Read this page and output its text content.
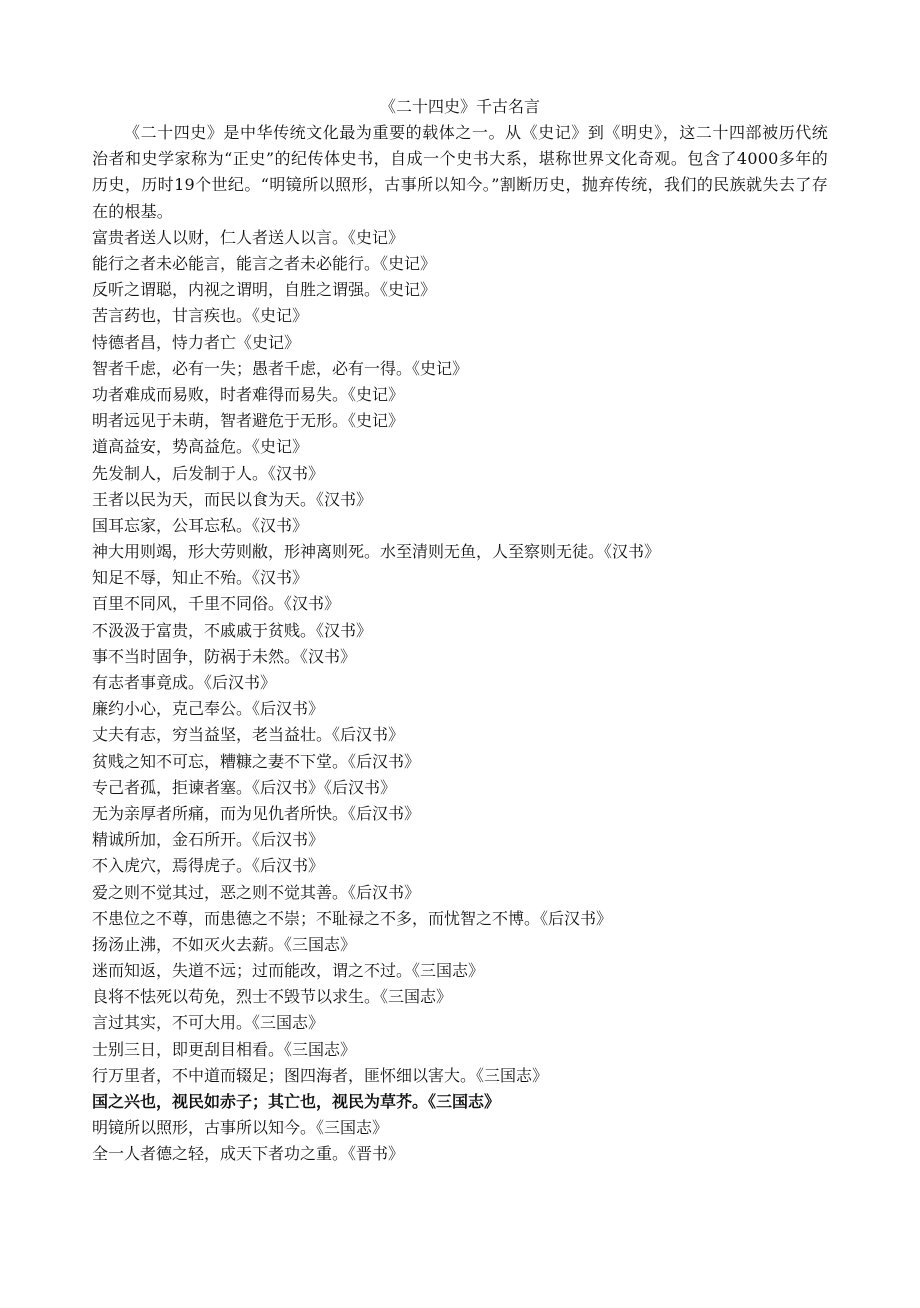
《二十四史》千古名言

《二十四史》是中华传统文化最为重要的载体之一。从《史记》到《明史》，这二十四部被历代统治者和史学家称为“正史”的纪传体史书，自成一个史书大系，堪称世界文化奇观。包含了4000多年的历史，历时19个世纪。“明镜所以照形，古事所以知今。”割断历史，抛弃传统，我们的民族就失去了存在的根基。

富贵者送人以财，仁人者送人以言。《史记》
能行之者未必能言，能言之者未必能行。《史记》
反听之谓聪，内视之谓明，自胜之谓强。《史记》
苦言药也，甘言疾也。《史记》
恃德者昌，恃力者亡《史记》
智者千虑，必有一失；愚者千虑，必有一得。《史记》
功者难成而易败，时者难得而易失。《史记》
明者远见于未萌，智者避危于无形。《史记》
道高益安，势高益危。《史记》
先发制人，后发制于人。《汉书》
王者以民为天，而民以食为天。《汉书》
国耳忘家，公耳忘私。《汉书》
神大用则竭，形大劳则敝，形神离则死。水至清则无鱼，人至察则无徒。《汉书》
知足不辱，知止不殆。《汉书》
百里不同风，千里不同俗。《汉书》
不汲汲于富贵，不戚戚于贫贱。《汉书》
事不当时固争，防祸于未然。《汉书》
有志者事竟成。《后汉书》
廉约小心，克己奉公。《后汉书》
丈夫有志，穷当益坚，老当益壮。《后汉书》
贫贱之知不可忘，糟糠之妻不下堂。《后汉书》
专己者孤，拒谏者塞。《后汉书》《后汉书》
无为亲厚者所痛，而为见仇者所快。《后汉书》
精诚所加，金石所开。《后汉书》
不入虎穴，焉得虎子。《后汉书》
爱之则不觉其过，恶之则不觉其善。《后汉书》
不患位之不尊，而患德之不崇；不耻禄之不多，而忧智之不博。《后汉书》
扬汤止沸，不如灭火去薪。《三国志》
迷而知返，失道不远；过而能改，谓之不过。《三国志》
良将不怯死以苟免，烈士不毁节以求生。《三国志》
言过其实，不可大用。《三国志》
士别三日，即更刮目相看。《三国志》
行万里者，不中道而辍足；图四海者，匪怀细以害大。《三国志》
国之兴也，视民如赤子；其亡也，视民为草芥。《三国志》
明镜所以照形，古事所以知今。《三国志》
全一人者德之轻，成天下者功之重。《晋书》
